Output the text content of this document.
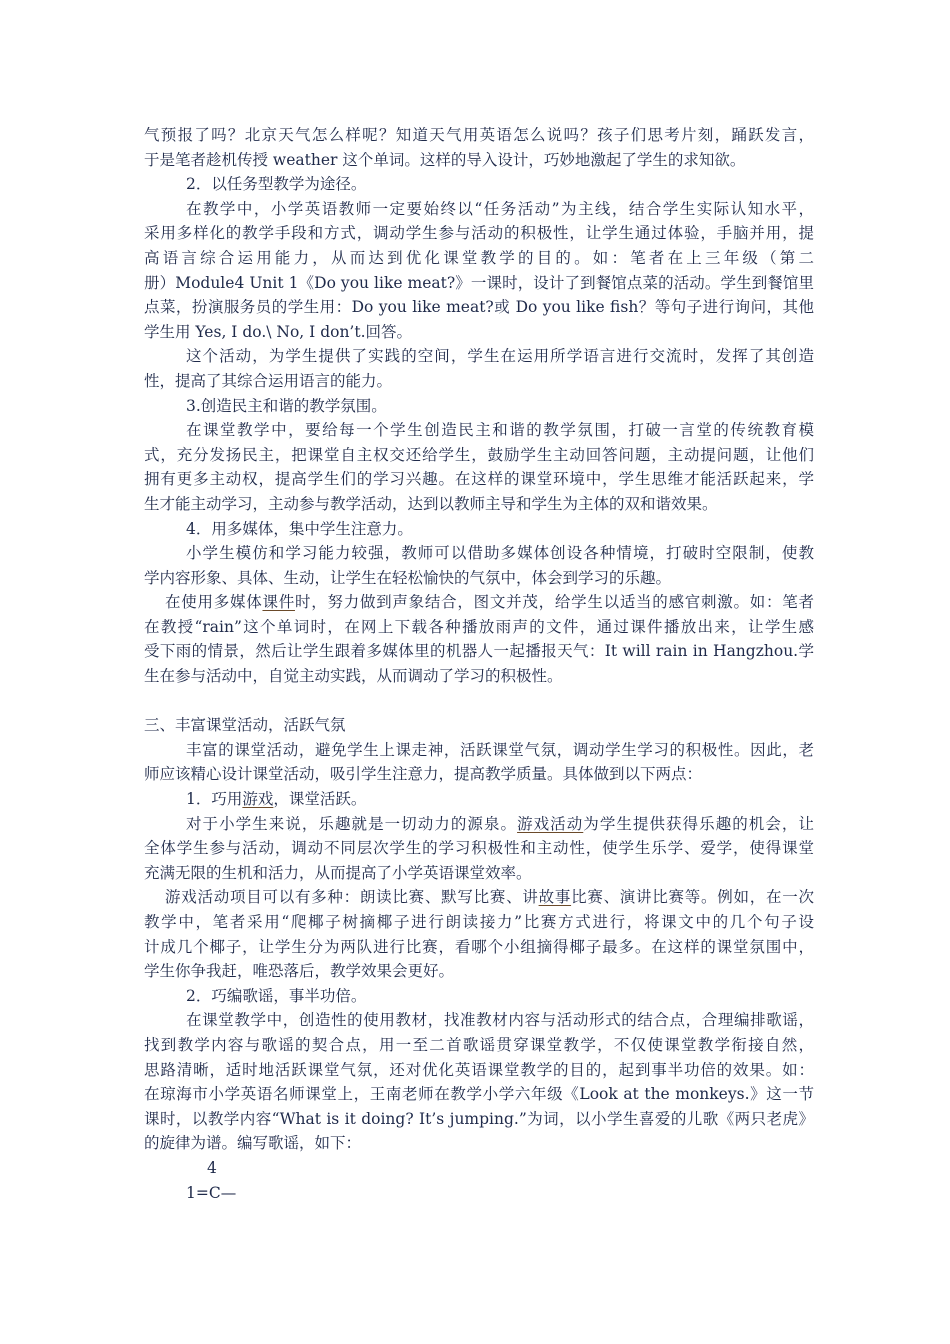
气预报了吗？北京天气怎么样呢？知道天气用英语怎么说吗？孩子们思考片刻，踊跃发言，

于是笔者趁机传授 weather 这个单词。这样的导入设计，巧妙地激起了学生的求知欲。

2．以任务型教学为途径。

在教学中，小学英语教师一定要始终以“任务活动”为主线，结合学生实际认知水平，

采用多样化的教学手段和方式，调动学生参与活动的积极性，让学生通过体验，手脑并用，提

高语言综合运用能力，从而达到优化课堂教学的目的。如：笔者在上三年级（第二

册）Module4 Unit 1《Do you like meat?》一课时，设计了到餐馆点菜的活动。学生到餐馆里

点菜，扮演服务员的学生用：Do you like meat?或 Do you like fish？等句子进行询问，其他

学生用 Yes, I do.\ No, I don’t.回答。

这个活动，为学生提供了实践的空间，学生在运用所学语言进行交流时，发挥了其创造

性，提高了其综合运用语言的能力。

3.创造民主和谐的教学氛围。

在课堂教学中，要给每一个学生创造民主和谐的教学氛围，打破一言堂的传统教育模

式，充分发扬民主，把课堂自主权交还给学生，鼓励学生主动回答问题，主动提问题，让他们

拥有更多主动权，提高学生们的学习兴趣。在这样的课堂环境中，学生思维才能活跃起来，学

生才能主动学习，主动参与教学活动，达到以教师主导和学生为主体的双和谐效果。

4．用多媒体，集中学生注意力。

小学生模仿和学习能力较强，教师可以借助多媒体创设各种情境，打破时空限制，使教

学内容形象、具体、生动，让学生在轻松愉快的气氛中，体会到学习的乐趣。

在使用多媒体课件时，努力做到声象结合，图文并茂，给学生以适当的感官刺激。如：笔者

在教授“rain”这个单词时，在网上下载各种播放雨声的文件，通过课件播放出来，让学生感

受下雨的情景，然后让学生跟着多媒体里的机器人一起播报天气：It will rain in Hangzhou.学

生在参与活动中，自觉主动实践，从而调动了学习的积极性。

三、丰富课堂活动，活跃气氛

丰富的课堂活动，避免学生上课走神，活跃课堂气氛，调动学生学习的积极性。因此，老

师应该精心设计课堂活动，吸引学生注意力，提高教学质量。具体做到以下两点：

1．巧用游戏，课堂活跃。

对于小学生来说，乐趣就是一切动力的源泉。游戏活动为学生提供获得乐趣的机会，让

全体学生参与活动，调动不同层次学生的学习积极性和主动性，使学生乐学、爱学，使得课堂

充满无限的生机和活力，从而提高了小学英语课堂效率。

游戏活动项目可以有多种：朗读比赛、默写比赛、讲故事比赛、演讲比赛等。例如，在一次

教学中，笔者采用“爬椰子树摘椰子进行朗读接力”比赛方式进行，将课文中的几个句子设

计成几个椰子，让学生分为两队进行比赛，看哪个小组摘得椰子最多。在这样的课堂氛围中，

学生你争我赶，唯恐落后，教学效果会更好。

2．巧编歌谣，事半功倍。

在课堂教学中，创造性的使用教材，找准教材内容与活动形式的结合点，合理编排歌谣，

找到教学内容与歌谣的契合点，用一至二首歌谣贯穿课堂教学，不仅使课堂教学衔接自然，

思路清晰，适时地活跃课堂气氛，还对优化英语课堂教学的目的，起到事半功倍的效果。如：

在琼海市小学英语名师课堂上，王南老师在教学小学六年级《Look at the monkeys.》这一节

课时，以教学内容“What is it doing? It’s jumping.”为词，以小学生喜爱的儿歌《两只老虎》

的旋律为谱。编写歌谣，如下：

4

1=C—
